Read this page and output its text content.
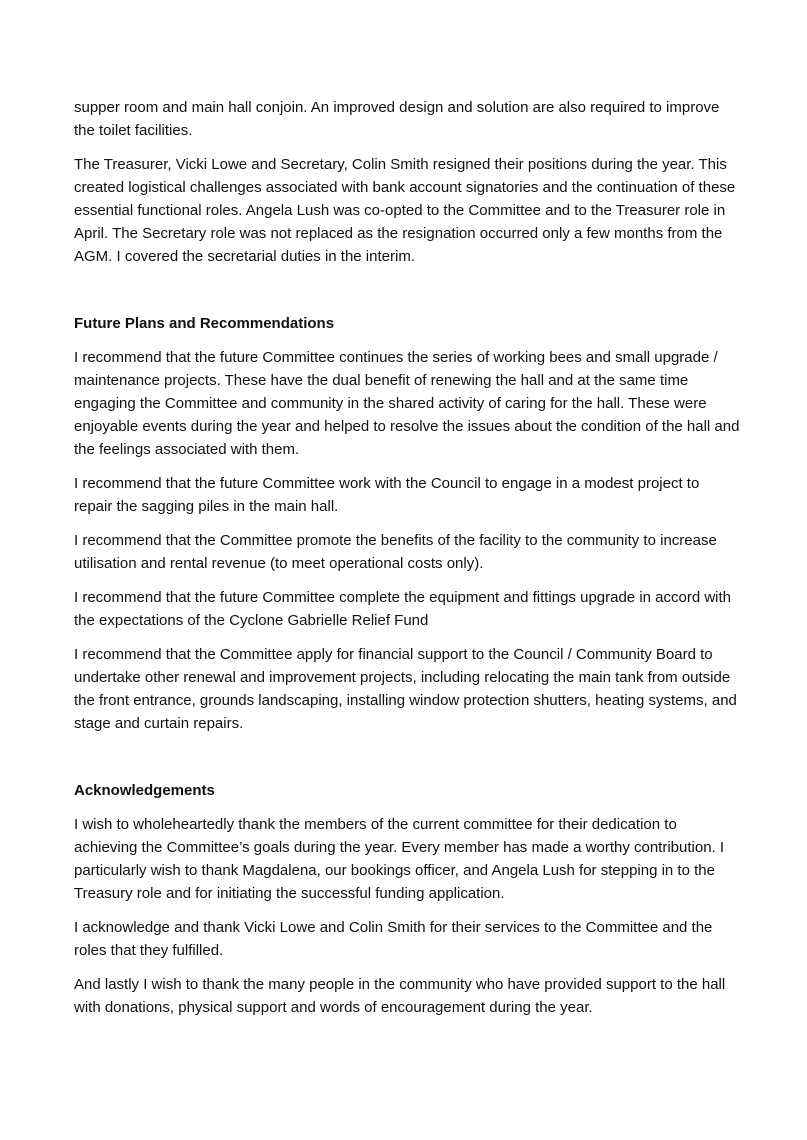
supper room and main hall conjoin. An improved design and solution are also required to improve the toilet facilities.

The Treasurer, Vicki Lowe and Secretary, Colin Smith resigned their positions during the year. This created logistical challenges associated with bank account signatories and the continuation of these essential functional roles. Angela Lush was co-opted to the Committee and to the Treasurer role in April. The Secretary role was not replaced as the resignation occurred only a few months from the AGM. I covered the secretarial duties in the interim.

Future Plans and Recommendations

I recommend that the future Committee continues the series of working bees and small upgrade / maintenance projects. These have the dual benefit of renewing the hall and at the same time engaging the Committee and community in the shared activity of caring for the hall. These were enjoyable events during the year and helped to resolve the issues about the condition of the hall and the feelings associated with them.

I recommend that the future Committee work with the Council to engage in a modest project to repair the sagging piles in the main hall.

I recommend that the Committee promote the benefits of the facility to the community to increase utilisation and rental revenue (to meet operational costs only).

I recommend that the future Committee complete the equipment and fittings upgrade in accord with the expectations of the Cyclone Gabrielle Relief Fund

I recommend that the Committee apply for financial support to the Council / Community Board to undertake other renewal and improvement projects, including relocating the main tank from outside the front entrance, grounds landscaping, installing window protection shutters, heating systems, and stage and curtain repairs.

Acknowledgements

I wish to wholeheartedly thank the members of the current committee for their dedication to achieving the Committee’s goals during the year. Every member has made a worthy contribution. I particularly wish to thank Magdalena, our bookings officer, and Angela Lush for stepping in to the Treasury role and for initiating the successful funding application.

I acknowledge and thank Vicki Lowe and Colin Smith for their services to the Committee and the roles that they fulfilled.

And lastly I wish to thank the many people in the community who have provided support to the hall with donations, physical support and words of encouragement during the year.
